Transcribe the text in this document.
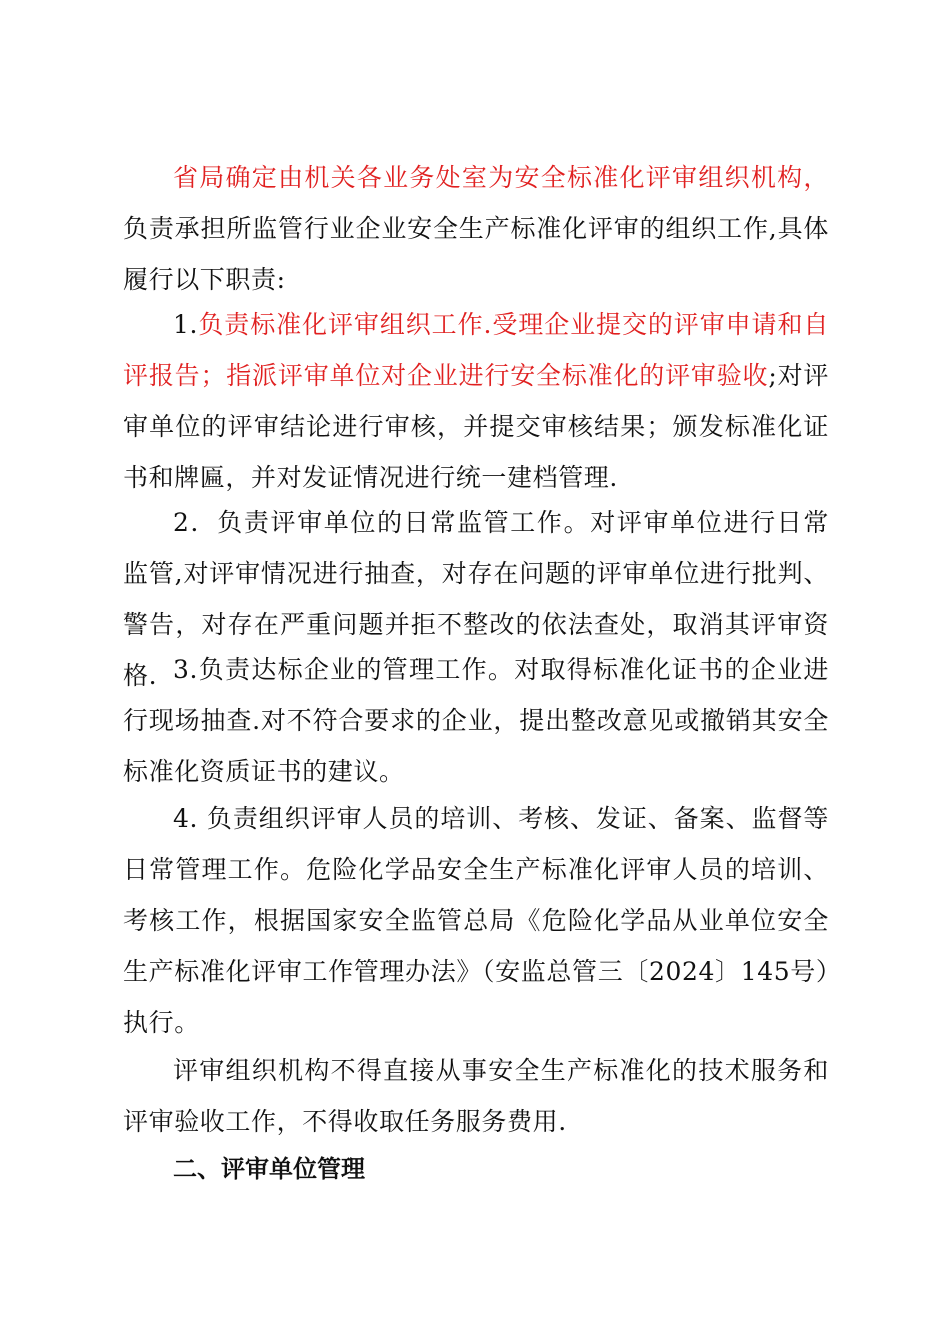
省局确定由机关各业务处室为安全标准化评审组织机构，负责承担所监管行业企业安全生产标准化评审的组织工作,具体履行以下职责:

1.负责标准化评审组织工作.受理企业提交的评审申请和自评报告；指派评审单位对企业进行安全标准化的评审验收;对评审单位的评审结论进行审核，并提交审核结果；颁发标准化证书和牌匾，并对发证情况进行统一建档管理.

2．负责评审单位的日常监管工作。对评审单位进行日常监管,对评审情况进行抽查，对存在问题的评审单位进行批判、警告，对存在严重问题并拒不整改的依法查处，取消其评审资格. 3.负责达标企业的管理工作。对取得标准化证书的企业进行现场抽查.对不符合要求的企业，提出整改意见或撤销其安全标准化资质证书的建议。

4. 负责组织评审人员的培训、考核、发证、备案、监督等日常管理工作。危险化学品安全生产标准化评审人员的培训、考核工作，根据国家安全监管总局《危险化学品从业单位安全生产标准化评审工作管理办法》（安监总管三〔2024〕145号）执行。

评审组织机构不得直接从事安全生产标准化的技术服务和评审验收工作，不得收取任务服务费用.

二、评审单位管理
